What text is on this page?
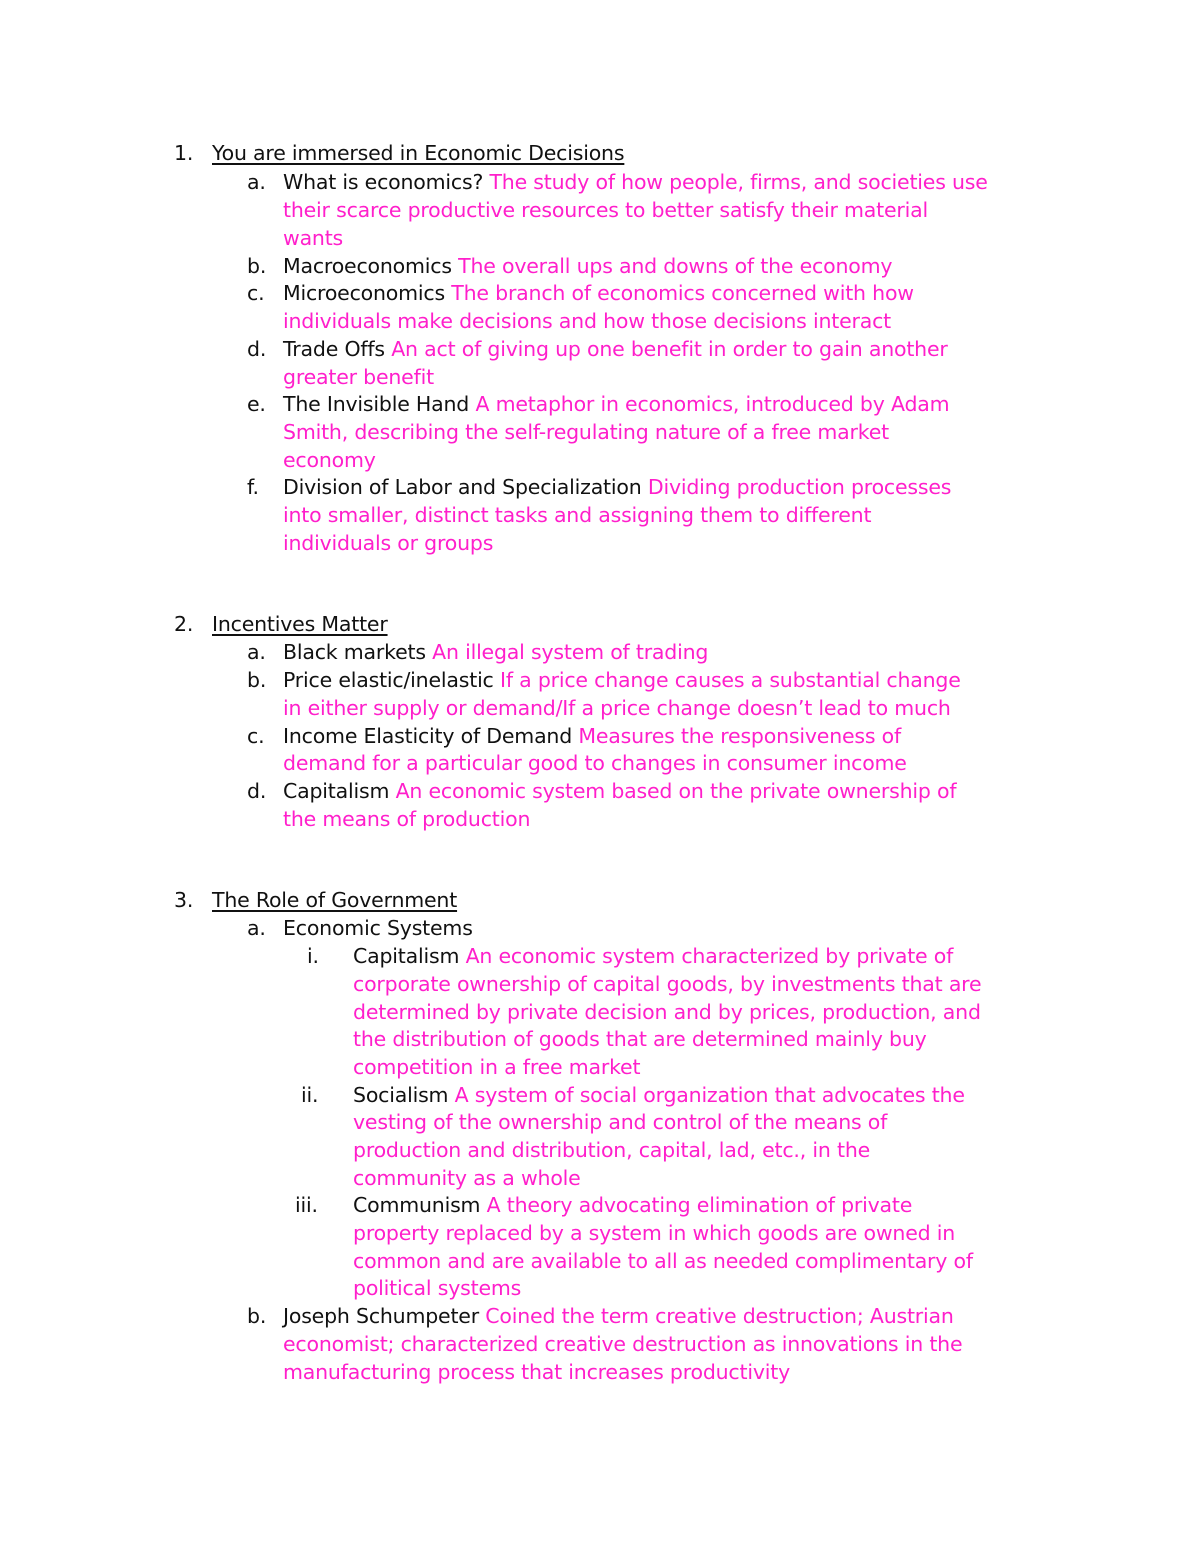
1. You are immersed in Economic Decisions
a. What is economics? The study of how people, firms, and societies use
their scarce productive resources to better satisfy their material
wants
b. Macroeconomics The overall ups and downs of the economy
c. Microeconomics The branch of economics concerned with how
individuals make decisions and how those decisions interact
d. Trade Offs An act of giving up one benefit in order to gain another
greater benefit
e. The Invisible Hand A metaphor in economics, introduced by Adam
Smith, describing the self-regulating nature of a free market
economy
f. Division of Labor and Specialization Dividing production processes
into smaller, distinct tasks and assigning them to different
individuals or groups
2. Incentives Matter
a. Black markets An illegal system of trading
b. Price elastic/inelastic If a price change causes a substantial change
in either supply or demand/If a price change doesn’t lead to much
c. Income Elasticity of Demand Measures the responsiveness of
demand for a particular good to changes in consumer income
d. Capitalism An economic system based on the private ownership of
the means of production
3. The Role of Government
a. Economic Systems
i. Capitalism An economic system characterized by private of
corporate ownership of capital goods, by investments that are
determined by private decision and by prices, production, and
the distribution of goods that are determined mainly buy
competition in a free market
ii. Socialism A system of social organization that advocates the
vesting of the ownership and control of the means of
production and distribution, capital, lad, etc., in the
community as a whole
iii. Communism A theory advocating elimination of private
property replaced by a system in which goods are owned in
common and are available to all as needed complimentary of
political systems
b. Joseph Schumpeter Coined the term creative destruction; Austrian
economist; characterized creative destruction as innovations in the
manufacturing process that increases productivity
